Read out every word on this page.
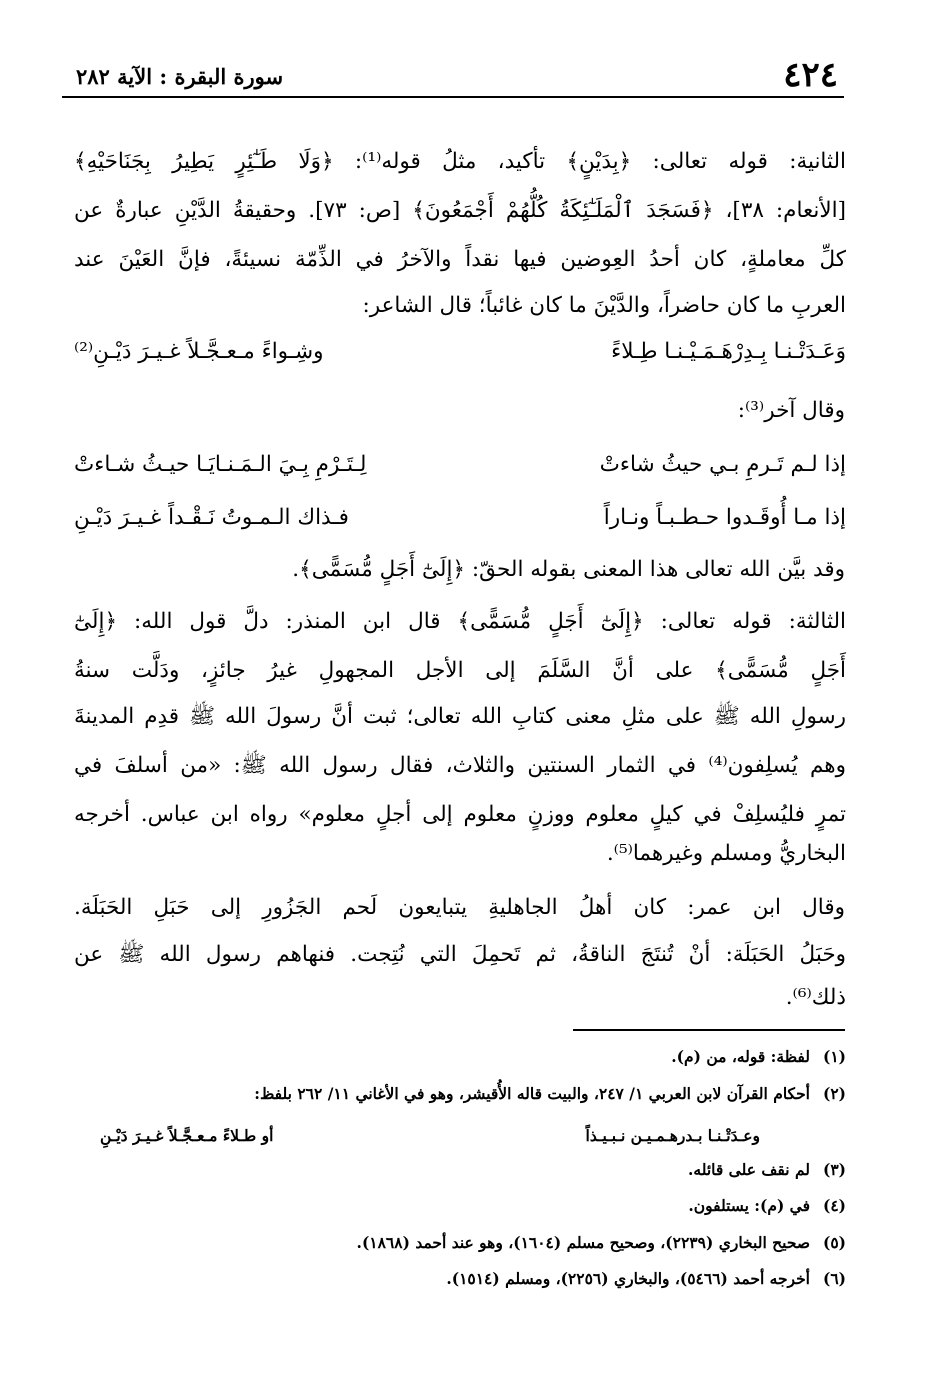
٤٢٤
سورة البقرة : الآية ٢٨٢
الثانية: قوله تعالى: ﴿بِدَيْنٍ﴾ تأكيد، مثلُ قوله⁽¹⁾: ﴿وَلَا طَـٰٓئِرٍ يَطِيرُ بِجَنَاحَيْهِ﴾
[الأنعام: ٣٨]، ﴿فَسَجَدَ ٱلْمَلَـٰٓئِكَةُ كُلُّهُمْ أَجْمَعُونَ﴾ [ص: ٧٣]. وحقيقةُ الدَّيْنِ عبارةٌ عن
كلِّ معاملةٍ، كان أحدُ العِوضين فيها نقداً والآخرُ في الذِّمّة نسيئةً، فإنَّ العَيْنَ عند
العربِ ما كان حاضراً، والدَّيْنَ ما كان غائباً؛ قال الشاعر:
وَعَـدَتْـنـا بِـدِرْهَـمَـيْـنـا طِـلاءً
وشِـواءً مـعـجَّـلاً غـيـرَ دَيْـنِ⁽²⁾
وقال آخر⁽³⁾:
إذا لـم تَـرمِ بـي حيثُ شاءتْ
لِـتَـرْمِ بِـيَ الـمَـنـايَـا حيـثُ شـاءتْ
إذا مـا أُوقَـدوا حـطـبـاً ونـاراً
فـذاك الـمـوتُ نَـقْـداً غـيـرَ دَيْـنِ
وقد بيَّن الله تعالى هذا المعنى بقوله الحقّ: ﴿إِلَىٰٓ أَجَلٍ مُّسَمًّى﴾.
الثالثة: قوله تعالى: ﴿إِلَىٰٓ أَجَلٍ مُّسَمًّى﴾ قال ابن المنذر: دلَّ قول الله: ﴿إِلَىٰٓ
أَجَلٍ مُّسَمًّى﴾ على أنَّ السَّلَمَ إلى الأجل المجهولِ غيرُ جائزٍ، ودَلَّت سنةُ
رسولِ الله ﷺ على مثلِ معنى كتابِ الله تعالى؛ ثبت أنَّ رسولَ الله ﷺ قدِم المدينةَ
وهم يُسلِفون⁽⁴⁾ في الثمار السنتين والثلاث، فقال رسول الله ﷺ: «من أسلفَ في
تمرٍ فليُسلِفْ في كيلٍ معلوم ووزنٍ معلوم إلى أجلٍ معلوم» رواه ابن عباس. أخرجه
البخاريُّ ومسلم وغيرهما⁽⁵⁾.
وقال ابن عمر: كان أهلُ الجاهليةِ يتبايعون لَحم الجَزُورِ إلى حَبَلِ الحَبَلَة.
وحَبَلُ الحَبَلَة: أنْ تُنتَجَ الناقةُ، ثم تَحمِلَ التي نُتِجت. فنهاهم رسول الله ﷺ عن
ذلك⁽⁶⁾.
(١)لفظة: قوله، من (م).
(٢)أحكام القرآن لابن العربي ١/ ٢٤٧، والبيت قاله الأُقيشر، وهو في الأغاني ١١/ ٢٦٢ بلفظ:
وعـدَتْـنـا بـدرهـمـيـن نـبـيـذاً
أو طـلاءً مـعـجَّـلاً غـيـرَ دَيْـنِ
(٣)لم نقف على قائله.
(٤)في (م): يستلفون.
(٥)صحيح البخاري (٢٢٣٩)، وصحيح مسلم (١٦٠٤)، وهو عند أحمد (١٨٦٨).
(٦)أخرجه أحمد (٥٤٦٦)، والبخاري (٢٢٥٦)، ومسلم (١٥١٤).
